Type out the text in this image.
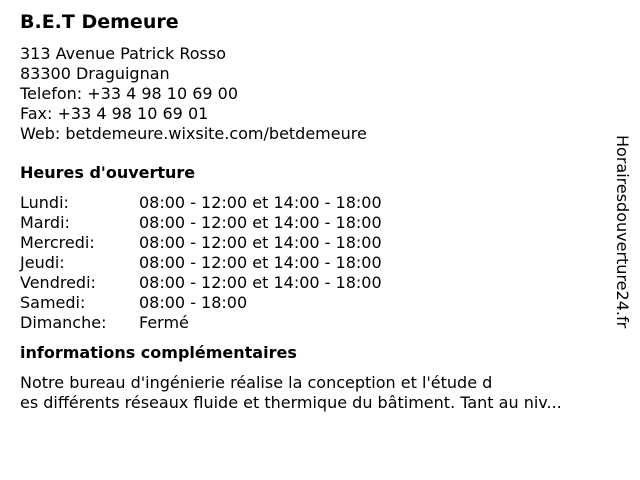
B.E.T Demeure
313 Avenue Patrick Rosso
83300 Draguignan
Telefon: +33 4 98 10 69 00
Fax: +33 4 98 10 69 01
Web: betdemeure.wixsite.com/betdemeure
Heures d'ouverture
Lundi:	08:00 - 12:00 et 14:00 - 18:00
Mardi:	08:00 - 12:00 et 14:00 - 18:00
Mercredi:	08:00 - 12:00 et 14:00 - 18:00
Jeudi:	08:00 - 12:00 et 14:00 - 18:00
Vendredi:	08:00 - 12:00 et 14:00 - 18:00
Samedi:	08:00 - 18:00
Dimanche:	Fermé
informations complémentaires
Notre bureau d'ingénierie réalise la conception et l'étude d
es différents réseaux fluide et thermique du bâtiment. Tant au niv...
Horairesdouverture24.fr
